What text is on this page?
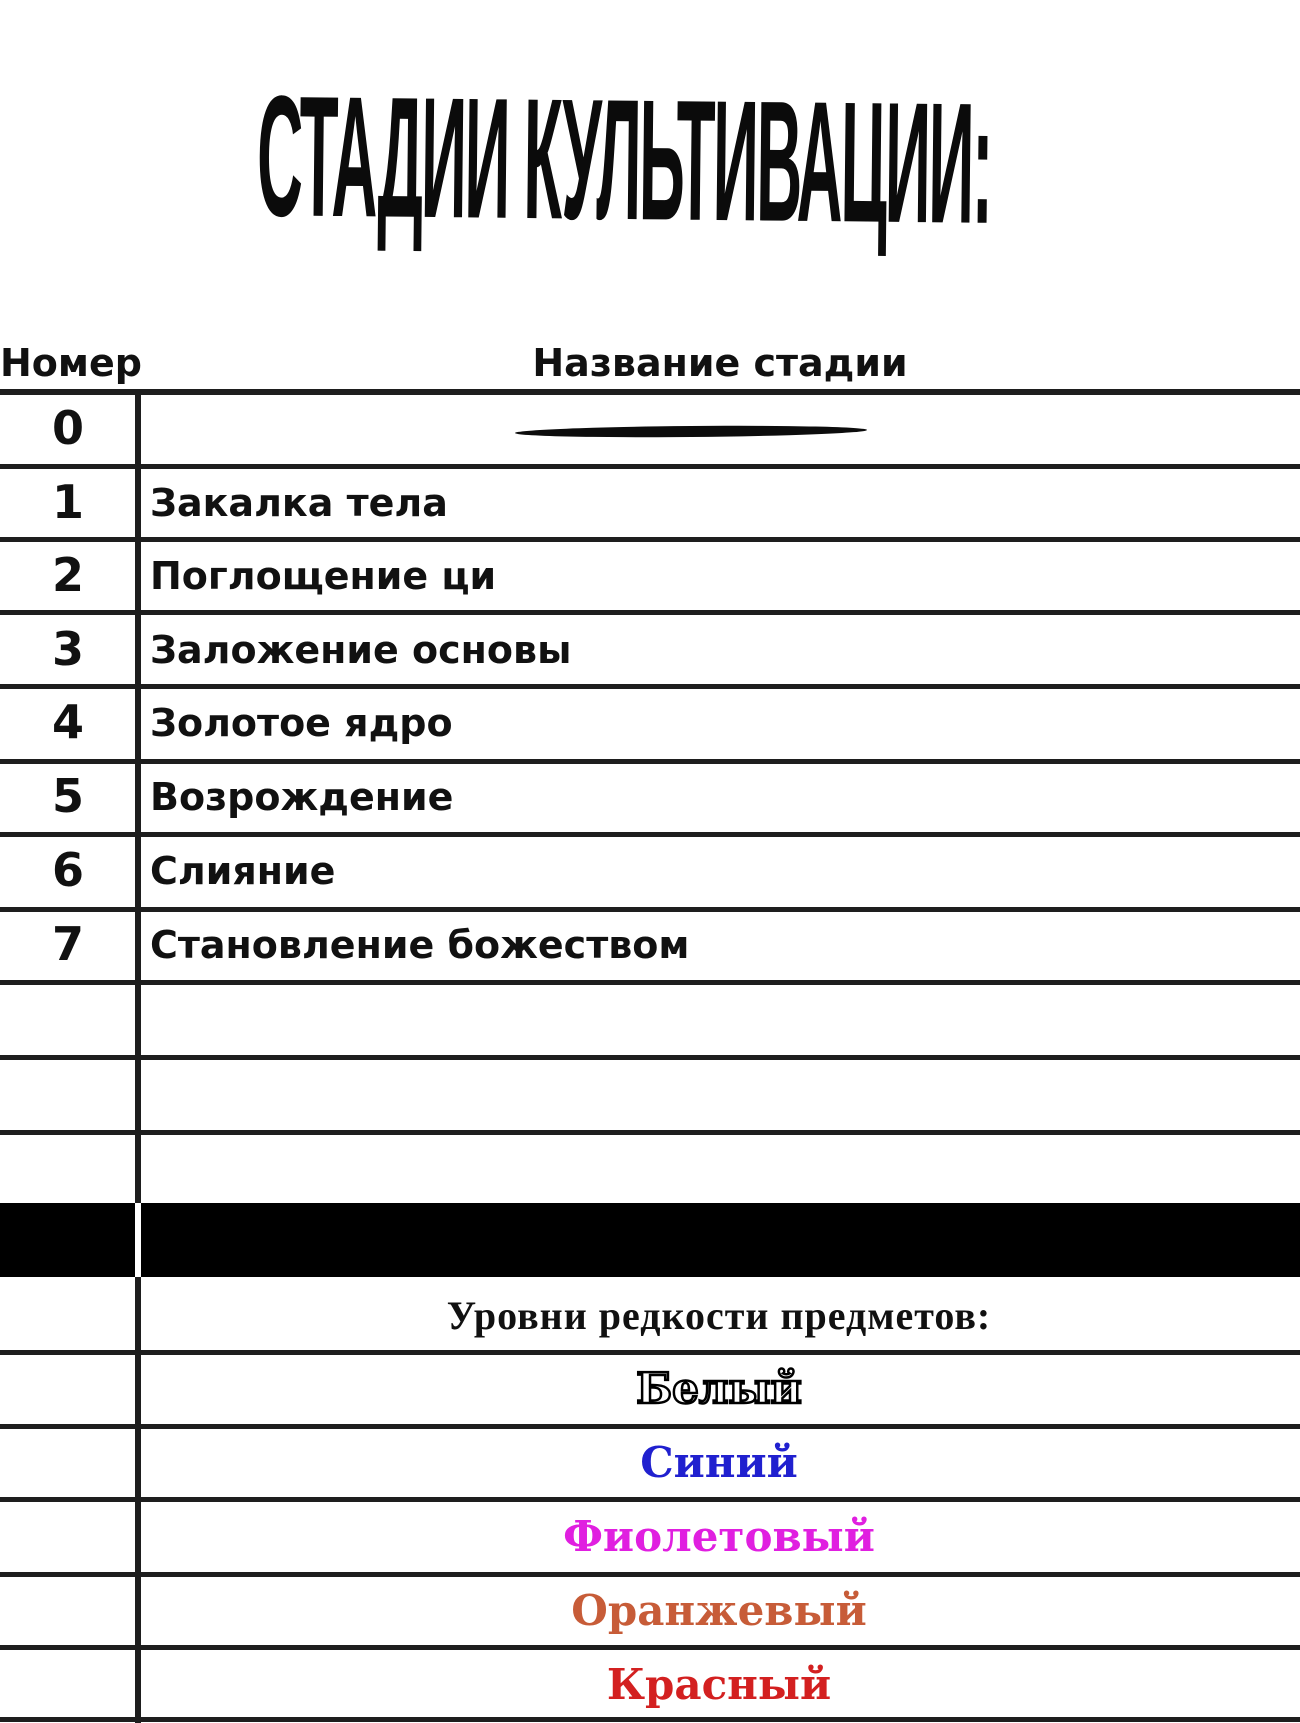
СТАДИИ КУЛЬТИВАЦИИ:
Номер	Название стадии
0
1	Закалка тела
2	Поглощение ци
3	Заложение основы
4	Золотое ядро
5	Возрождение
6	Слияние
7	Становление божеством
Уровни редкости предметов:
Белый
Синий
Фиолетовый
Оранжевый
Красный
